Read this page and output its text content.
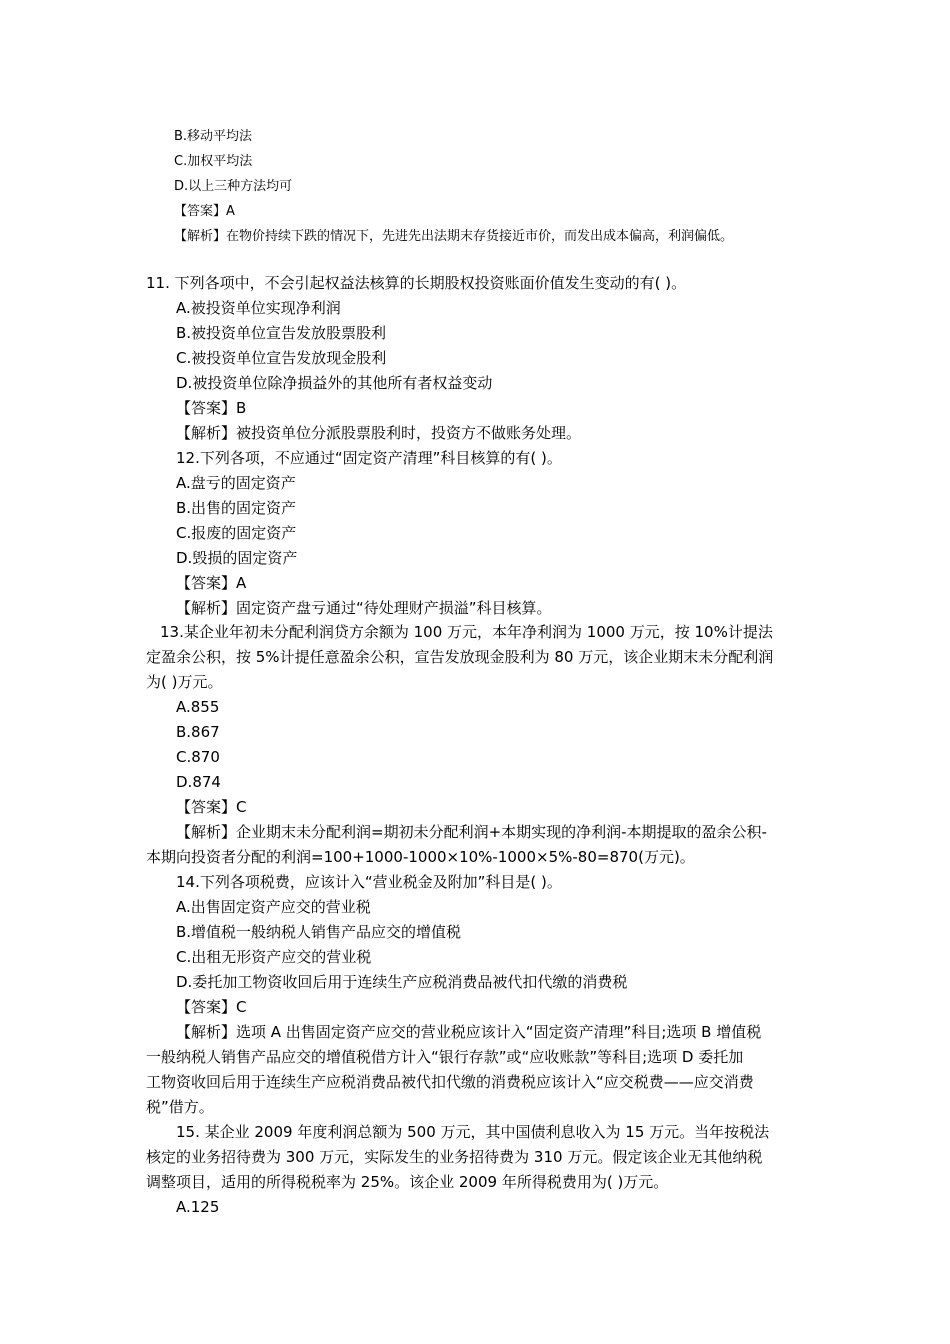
B.移动平均法
C.加权平均法
D.以上三种方法均可
【答案】A
【解析】在物价持续下跌的情况下，先进先出法期末存货接近市价，而发出成本偏高，利润偏低。
11. 下列各项中，不会引起权益法核算的长期股权投资账面价值发生变动的有( )。
A.被投资单位实现净利润
B.被投资单位宣告发放股票股利
C.被投资单位宣告发放现金股利
D.被投资单位除净损益外的其他所有者权益变动
【答案】B
【解析】被投资单位分派股票股利时，投资方不做账务处理。
12.下列各项，不应通过“固定资产清理”科目核算的有( )。
A.盘亏的固定资产
B.出售的固定资产
C.报废的固定资产
D.毁损的固定资产
【答案】A
【解析】固定资产盘亏通过“待处理财产损溢”科目核算。
13.某企业年初未分配利润贷方余额为 100 万元，本年净利润为 1000 万元，按 10%计提法
定盈余公积，按 5%计提任意盈余公积，宣告发放现金股利为 80 万元，该企业期末未分配利润
为( )万元。
A.855
B.867
C.870
D.874
【答案】C
【解析】企业期末未分配利润=期初未分配利润+本期实现的净利润-本期提取的盈余公积-
本期向投资者分配的利润=100+1000-1000×10%-1000×5%-80=870(万元)。
14.下列各项税费，应该计入“营业税金及附加”科目是( )。
A.出售固定资产应交的营业税
B.增值税一般纳税人销售产品应交的增值税
C.出租无形资产应交的营业税
D.委托加工物资收回后用于连续生产应税消费品被代扣代缴的消费税
【答案】C
【解析】选项 A 出售固定资产应交的营业税应该计入“固定资产清理”科目;选项 B 增值税
一般纳税人销售产品应交的增值税借方计入“银行存款”或“应收账款”等科目;选项 D 委托加
工物资收回后用于连续生产应税消费品被代扣代缴的消费税应该计入“应交税费——应交消费
税”借方。
15. 某企业 2009 年度利润总额为 500 万元，其中国债利息收入为 15 万元。当年按税法
核定的业务招待费为 300 万元，实际发生的业务招待费为 310 万元。假定该企业无其他纳税
调整项目，适用的所得税税率为 25%。该企业 2009 年所得税费用为( )万元。
A.125
